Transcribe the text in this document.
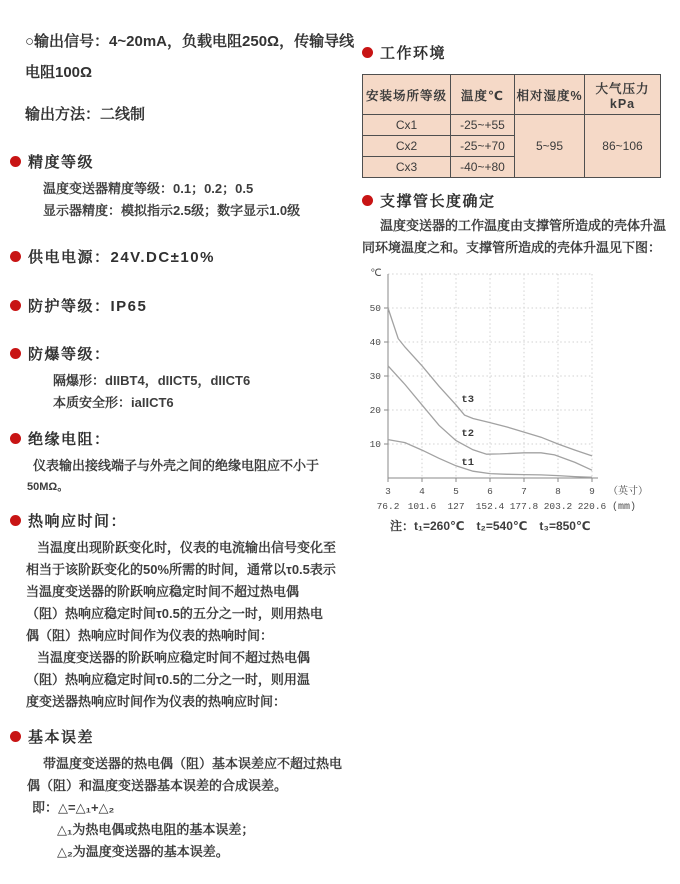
○输出信号：4~20mA，负载电阻250Ω，传输导线
电阻100Ω
输出方法：二线制
精度等级
温度变送器精度等级：0.1；0.2；0.5
显示器精度：模拟指示2.5级；数字显示1.0级
供电电源：24V.DC±10%
防护等级：IP65
防爆等级：
隔爆形：dIIBT4，dIICT5，dIICT6
本质安全形：iaIICT6
绝缘电阻：
仪表输出接线端子与外壳之间的绝缘电阻应不小于
50MΩ。
热响应时间：
当温度出现阶跃变化时，仪表的电流输出信号变化至
相当于该阶跃变化的50%所需的时间，通常以τ0.5表示
当温度变送器的阶跃响应稳定时间不超过热电偶
（阻）热响应稳定时间τ0.5的五分之一时，则用热电
偶（阻）热响应时间作为仪表的热响时间：
当温度变送器的阶跃响应稳定时间不超过热电偶
（阻）热响应稳定时间τ0.5的二分之一时，则用温
度变送器热响应时间作为仪表的热响应时间：
基本误差
带温度变送器的热电偶（阻）基本误差应不超过热电
偶（阻）和温度变送器基本误差的合成误差。
即：△=△₁+△₂
△₁为热电偶或热电阻的基本误差；
△₂为温度变送器的基本误差。
工作环境
安装场所等级	温度℃	相对湿度%	大气压力kPa
Cx1	-25~+55	5~95	86~106
Cx2	-25~+70		
Cx3	-40~+80		
支撑管长度确定
温度变送器的工作温度由支撑管所造成的壳体升温
同环境温度之和。支撑管所造成的壳体升温见下图：
10
20
30
40
50
℃
3
76.2
4
101.6
5
127
6
152.4
7
177.8
8
203.2
9
220.6
（英寸）
(mm)
t1
t2
t3
注：t₁=260℃　t₂=540℃　t₃=850℃
